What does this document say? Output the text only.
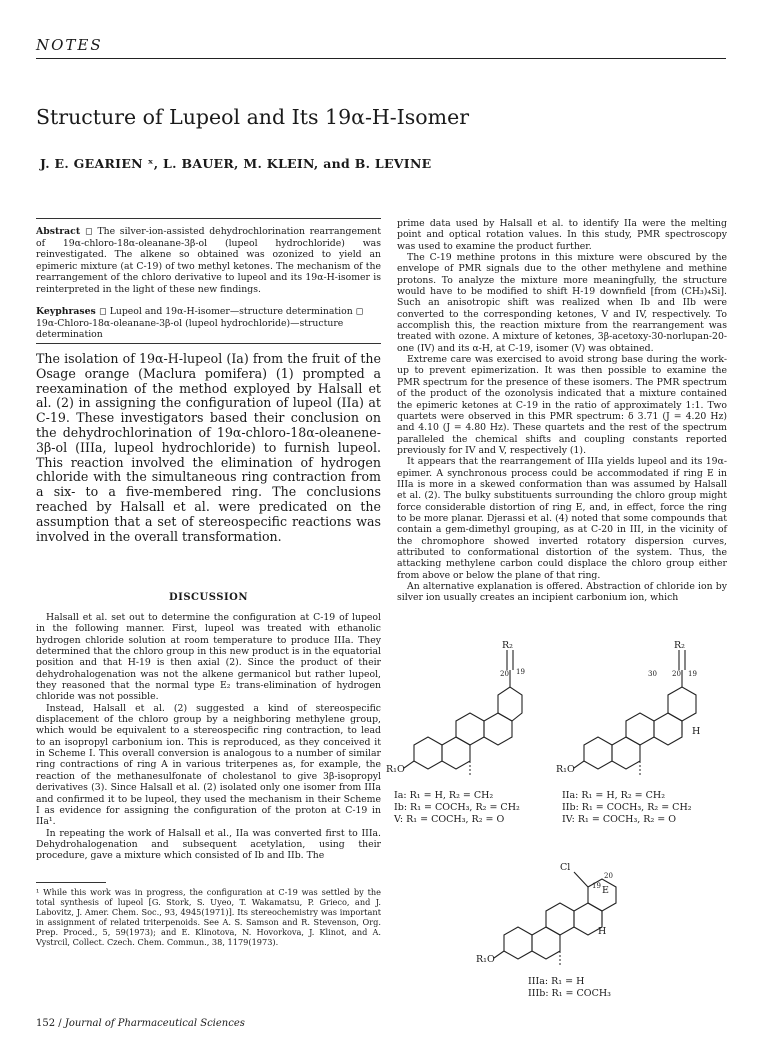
NOTES
Structure of Lupeol and Its 19α-H-Isomer
J. E. GEARIEN ˣ, L. BAUER, M. KLEIN, and B. LEVINE
Abstract ◻ The silver-ion-assisted dehydrochlorination rearrangement of 19α-chloro-18α-oleanane-3β-ol (lupeol hydrochloride) was reinvestigated. The alkene so obtained was ozonized to yield an epimeric mixture (at C-19) of two methyl ketones. The mechanism of the rearrangement of the chloro derivative to lupeol and its 19α-H-isomer is reinterpreted in the light of these new findings.
Keyphrases ◻ Lupeol and 19α-H-isomer—structure determination ◻ 19α-Chloro-18α-oleanane-3β-ol (lupeol hydrochloride)—structure determination
The isolation of 19α-H-lupeol (Ia) from the fruit of the Osage orange (Maclura pomifera) (1) prompted a reexamination of the method exployed by Halsall et al. (2) in assigning the configuration of lupeol (IIa) at C-19. These investigators based their conclusion on the dehydrochlorination of 19α-chloro-18α-oleanene-3β-ol (IIIa, lupeol hydrochloride) to furnish lupeol. This reaction involved the elimination of hydrogen chloride with the simultaneous ring contraction from a six- to a five-membered ring. The conclusions reached by Halsall et al. were predicated on the assumption that a set of stereospecific reactions was involved in the overall transformation.
DISCUSSION

Halsall et al. set out to determine the configuration at C-19 of lupeol in the following manner. First, lupeol was treated with ethanolic hydrogen chloride solution at room temperature to produce IIIa. They determined that the chloro group in this new product is in the equatorial position and that H-19 is then axial (2). Since the product of their dehydrohalogenation was not the alkene germanicol but rather lupeol, they reasoned that the normal type E₂ trans-elimination of hydrogen chloride was not possible.

Instead, Halsall et al. (2) suggested a kind of stereospecific displacement of the chloro group by a neighboring methylene group, which would be equivalent to a stereospecific ring contraction, to lead to an isopropyl carbonium ion. This is reproduced, as they conceived it in Scheme I. This overall conversion is analogous to a number of similar ring contractions of ring A in various triterpenes as, for example, the reaction of the methanesulfonate of cholestanol to give 3β-isopropyl derivatives (3). Since Halsall et al. (2) isolated only one isomer from IIIa and confirmed it to be lupeol, they used the mechanism in their Scheme I as evidence for assigning the configuration of the proton at C-19 in IIa¹.

In repeating the work of Halsall et al., IIa was converted first to IIIa. Dehydrohalogenation and subsequent acetylation, using their procedure, gave a mixture which consisted of Ib and IIb. The

¹ While this work was in progress, the configuration at C-19 was settled by the total synthesis of lupeol [G. Stork, S. Uyeo, T. Wakamatsu, P. Grieco, and J. Labovitz, J. Amer. Chem. Soc., 93, 4945(1971)]. Its stereochemistry was important in assignment of related triterpenoids. See A. S. Samson and R. Stevenson, Org. Prep. Proced., 5, 59(1973); and E. Klinotova, N. Hovorkova, J. Klinot, and A. Vystrcil, Collect. Czech. Chem. Commun., 38, 1179(1973).

prime data used by Halsall et al. to identify IIa were the melting point and optical rotation values. In this study, PMR spectroscopy was used to examine the product further.

The C-19 methine protons in this mixture were obscured by the envelope of PMR signals due to the other methylene and methine protons. To analyze the mixture more meaningfully, the structure would have to be modified to shift H-19 downfield [from (CH₃)₄Si]. Such an anisotropic shift was realized when Ib and IIb were converted to the corresponding ketones, V and IV, respectively. To accomplish this, the reaction mixture from the rearrangement was treated with ozone. A mixture of ketones, 3β-acetoxy-30-norlupan-20-one (IV) and its α-H, at C-19, isomer (V) was obtained.

Extreme care was exercised to avoid strong base during the work-up to prevent epimerization. It was then possible to examine the PMR spectrum for the presence of these isomers. The PMR spectrum of the product of the ozonolysis indicated that a mixture contained the epimeric ketones at C-19 in the ratio of approximately 1:1. Two quartets were observed in this PMR spectrum: δ 3.71 (J = 4.20 Hz) and 4.10 (J = 4.80 Hz). These quartets and the rest of the spectrum paralleled the chemical shifts and coupling constants reported previously for IV and V, respectively (1).

It appears that the rearrangement of IIIa yields lupeol and its 19α-epimer. A synchronous process could be accommodated if ring E in IIIa is more in a skewed conformation than was assumed by Halsall et al. (2). The bulky substituents surrounding the chloro group might force considerable distortion of ring E, and, in effect, force the ring to be more planar. Djerassi et al. (4) noted that some compounds that contain a gem-dimethyl grouping, as at C-20 in III, in the vicinity of the chromophore showed inverted rotatory dispersion curves, attributed to conformational distortion of the system. Thus, the attacking methylene carbon could displace the chloro group either from above or below the plane of that ring.

An alternative explanation is offered. Abstraction of chloride ion by silver ion usually creates an incipient carbonium ion, which

R₂
19
20
R₁O
Ia: R₁ = H, R₂ = CH₂
Ib: R₁ = COCH₃, R₂ = CH₂
V: R₁ = COCH₃, R₂ = O
R₂
30 20 19
H
R₁O
IIa: R₁ = H, R₂ = CH₂
IIb: R₁ = COCH₃, R₂ = CH₂
IV: R₁ = COCH₃, R₂ = O
Cl
20
19 E
H
R₁O
IIIa: R₁ = H
IIIb: R₁ = COCH₃
152 / Journal of Pharmaceutical Sciences
